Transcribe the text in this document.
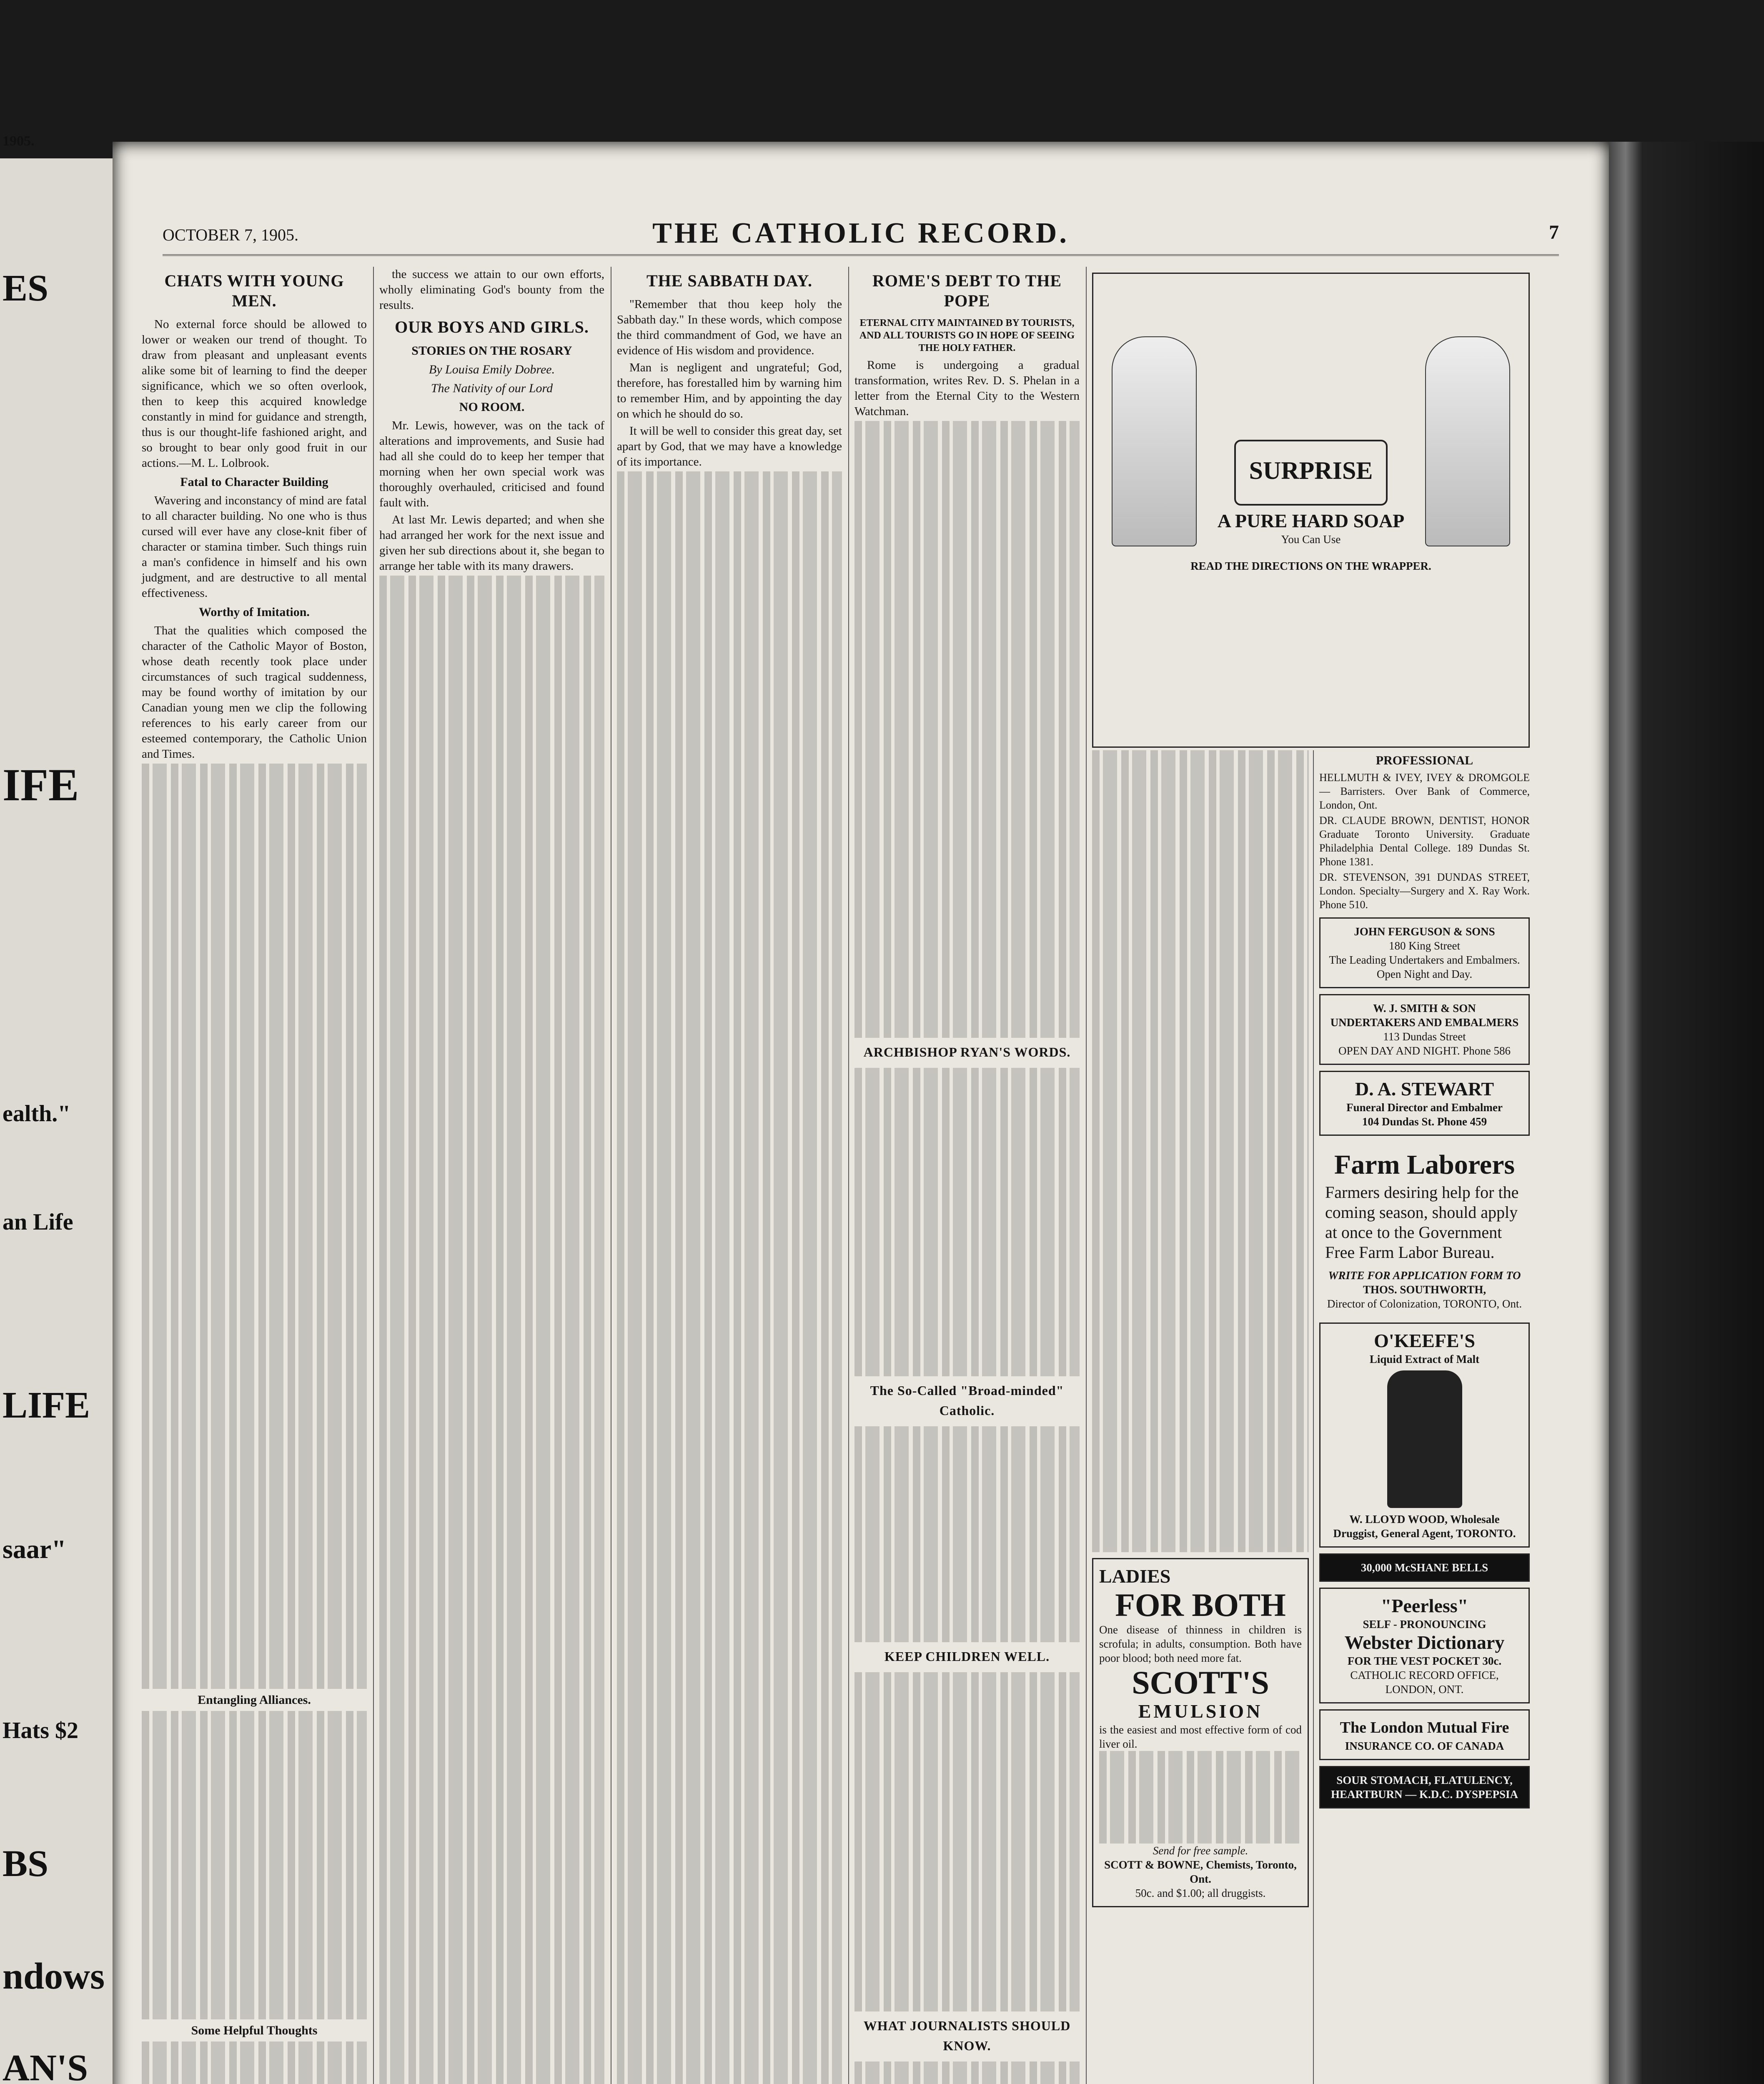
1905.
ES
IFE
ealth."
an Life
LIFE
saar"
Hats $2
BS
ndows
AN'S
OCTOBER 7, 1905.	THE CATHOLIC RECORD.	7
CHATS WITH YOUNG MEN.

No external force should be allowed to lower or weaken our trend of thought. To draw from pleasant and unpleasant events alike some bit of learning to find the deeper significance, which we so often overlook, then to keep this acquired knowledge constantly in mind for guidance and strength, thus is our thought-life fashioned aright, and so brought to bear only good fruit in our actions.—M. L. Lolbrook.

Fatal to Character Building

Wavering and inconstancy of mind are fatal to all character building. No one who is thus cursed will ever have any close-knit fiber of character or stamina timber. Such things ruin a man's confidence in himself and his own judgment, and are destructive to all mental effectiveness.

Worthy of Imitation.

That the qualities which composed the character of the Catholic Mayor of Boston, whose death recently took place under circumstances of such tragical suddenness, may be found worthy of imitation by our Canadian young men we clip the following references to his early career from our esteemed contemporary, the Catholic Union and Times.

Entangling Alliances.
Some Helpful Thoughts

the success we attain to our own efforts, wholly eliminating God's bounty from the results.

OUR BOYS AND GIRLS.
STORIES ON THE ROSARY
By Louisa Emily Dobree.
The Nativity of our Lord
NO ROOM.

Mr. Lewis, however, was on the tack of alterations and improvements, and Susie had had all she could do to keep her temper that morning when her own special work was thoroughly overhauled, criticised and found fault with.

At last Mr. Lewis departed; and when she had arranged her work for the next issue and given her sub directions about it, she began to arrange her table with its many drawers.

THE SABBATH DAY.

"Remember that thou keep holy the Sabbath day." In these words, which compose the third commandment of God, we have an evidence of His wisdom and providence.

Man is negligent and ungrateful; God, therefore, has forestalled him by warning him to remember Him, and by appointing the day on which he should do so.

It will be well to consider this great day, set apart by God, that we may have a knowledge of its importance.

ROME'S DEBT TO THE POPE
ETERNAL CITY MAINTAINED BY TOURISTS, AND ALL TOURISTS GO IN HOPE OF SEEING THE HOLY FATHER.

Rome is undergoing a gradual transformation, writes Rev. D. S. Phelan in a letter from the Eternal City to the Western Watchman.

ARCHBISHOP RYAN'S WORDS.
The So-Called "Broad-minded" Catholic.
KEEP CHILDREN WELL.
WHAT JOURNALISTS SHOULD KNOW.
SURPRISE
A PURE HARD SOAP
You Can Use
READ THE DIRECTIONS ON THE WRAPPER.
LADIES
FOR BOTH
One disease of thinness in children is scrofula; in adults, consumption. Both have poor blood; both need more fat.
SCOTT'S
EMULSION
is the easiest and most effective form of cod liver oil.
Send for free sample.
SCOTT & BOWNE, Chemists, Toronto, Ont.
50c. and $1.00; all druggists.
PROFESSIONAL

HELLMUTH & IVEY, IVEY & DROMGOLE — Barristers. Over Bank of Commerce, London, Ont.

DR. CLAUDE BROWN, DENTIST, HONOR Graduate Toronto University. Graduate Philadelphia Dental College. 189 Dundas St. Phone 1381.

DR. STEVENSON, 391 DUNDAS STREET, London. Specialty—Surgery and X. Ray Work. Phone 510.

JOHN FERGUSON & SONS
180 King Street
The Leading Undertakers and Embalmers. Open Night and Day.
W. J. SMITH & SON
UNDERTAKERS AND EMBALMERS
113 Dundas Street
OPEN DAY AND NIGHT. Phone 586
D. A. STEWART
Funeral Director and Embalmer
104 Dundas St. Phone 459
Farm Laborers
Farmers desiring help for the coming season, should apply at once to the Government Free Farm Labor Bureau.
WRITE FOR APPLICATION FORM TO
THOS. SOUTHWORTH,
Director of Colonization, TORONTO, Ont.
O'KEEFE'S
Liquid Extract of Malt
W. LLOYD WOOD, Wholesale Druggist, General Agent, TORONTO.
30,000 McSHANE BELLS
"Peerless"
SELF - PRONOUNCING
Webster Dictionary
FOR THE VEST POCKET 30c.
CATHOLIC RECORD OFFICE, LONDON, ONT.
The London Mutual Fire
INSURANCE CO. OF CANADA
SOUR STOMACH, FLATULENCY, HEARTBURN — K.D.C. DYSPEPSIA
